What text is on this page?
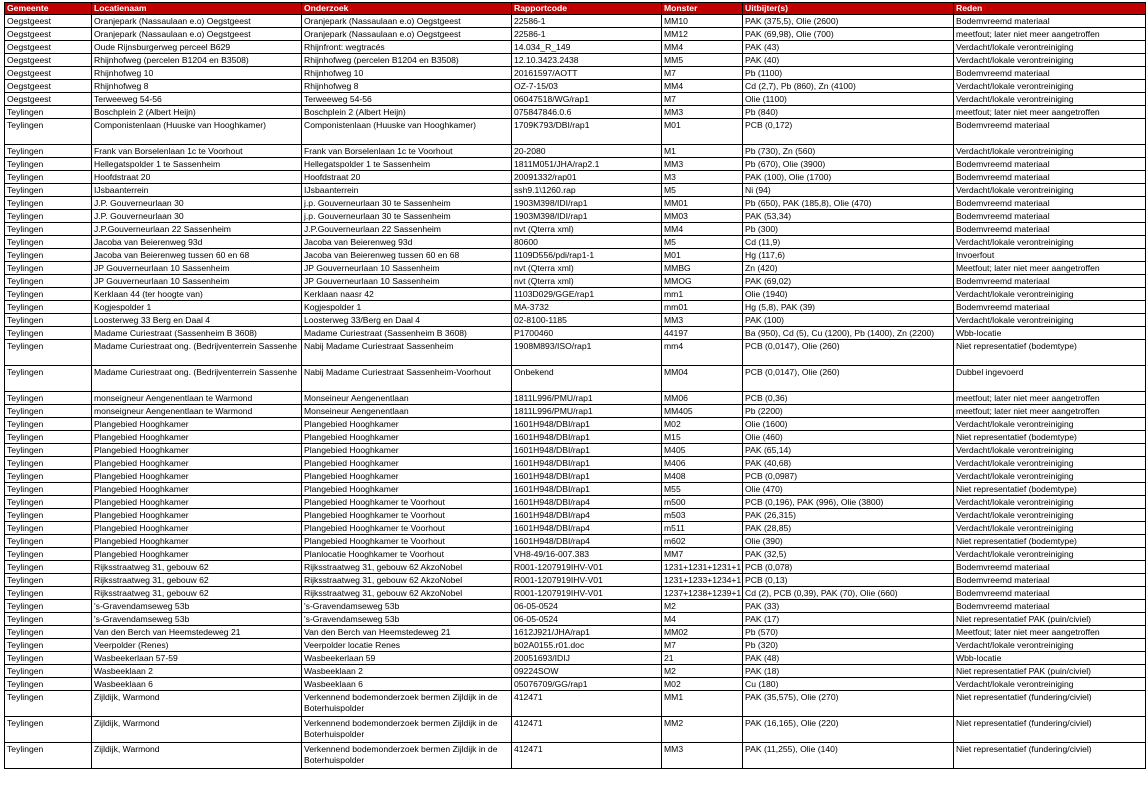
Gemeente	Locatienaam	Onderzoek	Rapportcode	Monster	Uitbijter(s)	Reden
Oegstgeest	Oranjepark (Nassaulaan e.o) Oegstgeest	Oranjepark (Nassaulaan e.o) Oegstgeest	22586-1	MM10	PAK (375,5), Olie (2600)	Bodemvreemd materiaal
Oegstgeest	Oranjepark (Nassaulaan e.o) Oegstgeest	Oranjepark (Nassaulaan e.o) Oegstgeest	22586-1	MM12	PAK (69,98), Olie (700)	meetfout; later niet meer aangetroffen
Oegstgeest	Oude Rijnsburgerweg perceel B629	Rhijnfront: wegtracés	14.034_R_149	MM4	PAK (43)	Verdacht/lokale verontreiniging
Oegstgeest	Rhijnhofweg (percelen B1204 en B3508)	Rhijnhofweg (percelen B1204 en B3508)	12.10.3423.2438	MM5	PAK (40)	Verdacht/lokale verontreiniging
Oegstgeest	Rhijnhofweg 10	Rhijnhofweg 10	20161597/AOTT	M7	Pb (1100)	Bodemvreemd materiaal
Oegstgeest	Rhijnhofweg 8	Rhijnhofweg 8	OZ-7-15/03	MM4	Cd (2,7), Pb (860), Zn (4100)	Verdacht/lokale verontreiniging
Oegstgeest	Terweeweg 54-56	Terweeweg 54-56	06047518/WG/rap1	M7	Olie (1100)	Verdacht/lokale verontreiniging
Teylingen	Boschplein 2 (Albert Heijn)	Boschplein 2 (Albert Heijn)	075847846.0.6	MM3	Pb (840)	meetfout; later niet meer aangetroffen
Teylingen	Componistenlaan (Huuske van Hooghkamer)	Componistenlaan (Huuske van Hooghkamer)	1709K793/DBI/rap1	M01	PCB (0,172)	Bodemvreemd materiaal
Teylingen	Frank van Borselenlaan 1c te Voorhout	Frank van Borselenlaan 1c te Voorhout	20-2080	M1	Pb (730), Zn (560)	Verdacht/lokale verontreiniging
Teylingen	Hellegatspolder 1 te Sassenheim	Hellegatspolder 1 te Sassenheim	1811M051/JHA/rap2.1	MM3	Pb (670), Olie (3900)	Bodemvreemd materiaal
Teylingen	Hoofdstraat 20	Hoofdstraat 20	20091332/rap01	M3	PAK (100), Olie (1700)	Bodemvreemd materiaal
Teylingen	IJsbaanterrein	IJsbaanterrein	ssh9.1\1260.rap	M5	Ni (94)	Verdacht/lokale verontreiniging
Teylingen	J.P. Gouverneurlaan 30	j.p. Gouverneurlaan 30 te Sassenheim	1903M398/IDI/rap1	MM01	Pb (650), PAK (185,8), Olie (470)	Bodemvreemd materiaal
Teylingen	J.P. Gouverneurlaan 30	j.p. Gouverneurlaan 30 te Sassenheim	1903M398/IDI/rap1	MM03	PAK (53,34)	Bodemvreemd materiaal
Teylingen	J.P.Gouverneurlaan 22 Sassenheim	J.P.Gouverneurlaan 22 Sassenheim	nvt (Qterra xml)	MM4	Pb (300)	Bodemvreemd materiaal
Teylingen	Jacoba van Beierenweg 93d	Jacoba van Beierenweg 93d	80600	M5	Cd (11,9)	Verdacht/lokale verontreiniging
Teylingen	Jacoba van Beierenweg tussen 60 en 68	Jacoba van Beierenweg tussen 60 en 68	1109D556/pdi/rap1-1	M01	Hg (117,6)	Invoerfout
Teylingen	JP Gouverneurlaan 10 Sassenheim	JP Gouverneurlaan 10 Sassenheim	nvt (Qterra xml)	MMBG	Zn (420)	Meetfout; later niet meer aangetroffen
Teylingen	JP Gouverneurlaan 10 Sassenheim	JP Gouverneurlaan 10 Sassenheim	nvt (Qterra xml)	MMOG	PAK (69,02)	Bodemvreemd materiaal
Teylingen	Kerklaan 44 (ter hoogte van)	Kerklaan naasr 42	1103D029/GGE/rap1	mm1	Olie (1940)	Verdacht/lokale verontreiniging
Teylingen	Kogjespolder 1	Kogjespolder 1	MA-3732	mm01	Hg (5,8), PAK (39)	Bodemvreemd materiaal
Teylingen	Loosterweg 33 Berg en Daal 4	Loosterweg 33/Berg en Daal 4	02-8100-1185	MM3	PAK (100)	Verdacht/lokale verontreiniging
Teylingen	Madame Curiestraat (Sassenheim B 3608)	Madame Curiestraat (Sassenheim B 3608)	P1700460	44197	Ba (950), Cd (5), Cu (1200), Pb (1400), Zn (2200)	Wbb-locatie
Teylingen	Madame Curiestraat ong. (Bedrijventerrein Sassenhe	Nabij Madame Curiestraat Sassenheim	1908M893/ISO/rap1	mm4	PCB (0,0147), Olie (260)	Niet representatief (bodemtype)
Teylingen	Madame Curiestraat ong. (Bedrijventerrein Sassenhe	Nabij Madame Curiestraat Sassenheim-Voorhout	Onbekend	MM04	PCB (0,0147), Olie (260)	Dubbel ingevoerd
Teylingen	monseigneur Aengenentlaan te Warmond	Monseineur Aengenentlaan	1811L996/PMU/rap1	MM06	PCB (0,36)	meetfout; later niet meer aangetroffen
Teylingen	monseigneur Aengenentlaan te Warmond	Monseineur Aengenentlaan	1811L996/PMU/rap1	MM405	Pb (2200)	meetfout; later niet meer aangetroffen
Teylingen	Plangebied Hooghkamer	Plangebied Hooghkamer	1601H948/DBI/rap1	M02	Olie (1600)	Verdacht/lokale verontreiniging
Teylingen	Plangebied Hooghkamer	Plangebied Hooghkamer	1601H948/DBI/rap1	M15	Olie (460)	Niet representatief (bodemtype)
Teylingen	Plangebied Hooghkamer	Plangebied Hooghkamer	1601H948/DBI/rap1	M405	PAK (65,14)	Verdacht/lokale verontreiniging
Teylingen	Plangebied Hooghkamer	Plangebied Hooghkamer	1601H948/DBI/rap1	M406	PAK (40,68)	Verdacht/lokale verontreiniging
Teylingen	Plangebied Hooghkamer	Plangebied Hooghkamer	1601H948/DBI/rap1	M408	PCB (0,0987)	Verdacht/lokale verontreiniging
Teylingen	Plangebied Hooghkamer	Plangebied Hooghkamer	1601H948/DBI/rap1	M55	Olie (470)	Niet representatief (bodemtype)
Teylingen	Plangebied Hooghkamer	Plangebied Hooghkamer te Voorhout	1601H948/DBI/rap4	m500	PCB (0,196), PAK (996), Olie (3800)	Verdacht/lokale verontreiniging
Teylingen	Plangebied Hooghkamer	Plangebied Hooghkamer te Voorhout	1601H948/DBI/rap4	m503	PAK (26,315)	Verdacht/lokale verontreiniging
Teylingen	Plangebied Hooghkamer	Plangebied Hooghkamer te Voorhout	1601H948/DBI/rap4	m511	PAK (28,85)	Verdacht/lokale verontreiniging
Teylingen	Plangebied Hooghkamer	Plangebied Hooghkamer te Voorhout	1601H948/DBI/rap4	m602	Olie (390)	Niet representatief (bodemtype)
Teylingen	Plangebied Hooghkamer	Planlocatie Hooghkamer te Voorhout	VH8-49/16-007.383	MM7	PAK (32,5)	Verdacht/lokale verontreiniging
Teylingen	Rijksstraatweg 31, gebouw 62	Rijksstraatweg 31, gebouw 62 AkzoNobel	R001-1207919IHV-V01	1231+1231+1231+1	PCB (0,078)	Bodemvreemd materiaal
Teylingen	Rijksstraatweg 31, gebouw 62	Rijksstraatweg 31, gebouw 62 AkzoNobel	R001-1207919IHV-V01	1231+1233+1234+1	PCB (0,13)	Bodemvreemd materiaal
Teylingen	Rijksstraatweg 31, gebouw 62	Rijksstraatweg 31, gebouw 62 AkzoNobel	R001-1207919IHV-V01	1237+1238+1239+1	Cd (2), PCB (0,39), PAK (70), Olie (660)	Bodemvreemd materiaal
Teylingen	's-Gravendamseweg 53b	's-Gravendamseweg 53b	06-05-0524	M2	PAK (33)	Bodemvreemd materiaal
Teylingen	's-Gravendamseweg 53b	's-Gravendamseweg 53b	06-05-0524	M4	PAK (17)	Niet representatief PAK (puin/civiel)
Teylingen	Van den Berch van Heemstedeweg 21	Van den Berch van Heemstedeweg 21	1612J921/JHA/rap1	MM02	Pb (570)	Meetfout; later niet meer aangetroffen
Teylingen	Veerpolder (Renes)	Veerpolder locatie Renes	b02A0155.r01.doc	M7	Pb (320)	Verdacht/lokale verontreiniging
Teylingen	Wasbeekerlaan 57-59	Wasbeekerlaan 59	20051693/IDIJ	21	PAK (48)	Wbb-locatie
Teylingen	Wasbeeklaan 2	Wasbeeklaan 2	09224SOW	M2	PAK (18)	Niet representatief PAK (puin/civiel)
Teylingen	Wasbeeklaan 6	Wasbeeklaan 6	05076709/GG/rap1	M02	Cu (180)	Verdacht/lokale verontreiniging
Teylingen	Zijldijk, Warmond	Verkennend bodemonderzoek bermen Zijldijk in de Boterhuispolder	412471	MM1	PAK (35,575), Olie (270)	Niet representatief (fundering/civiel)
Teylingen	Zijldijk, Warmond	Verkennend bodemonderzoek bermen Zijldijk in de Boterhuispolder	412471	MM2	PAK (16,165), Olie (220)	Niet representatief (fundering/civiel)
Teylingen	Zijldijk, Warmond	Verkennend bodemonderzoek bermen Zijldijk in de Boterhuispolder	412471	MM3	PAK (11,255), Olie (140)	Niet representatief (fundering/civiel)
